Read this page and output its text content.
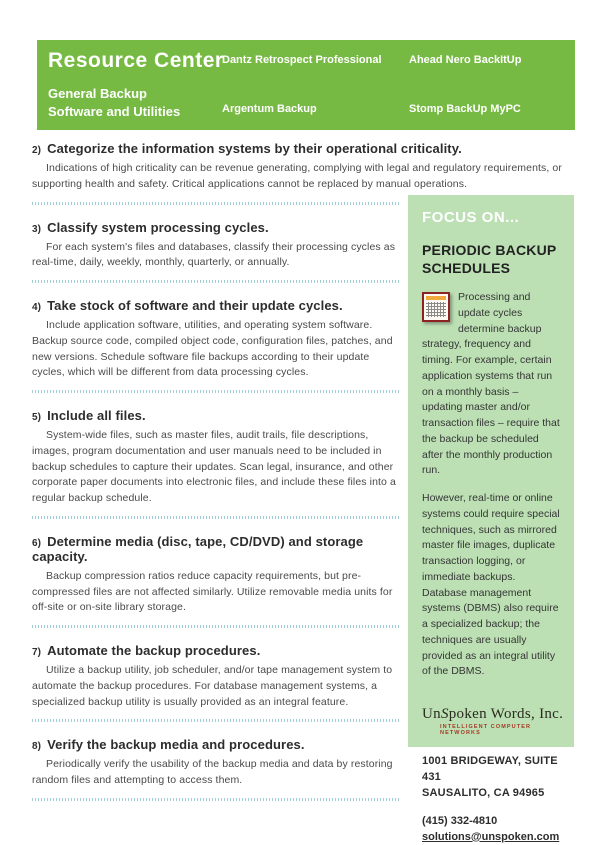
Resource Center
General Backup Software and Utilities
Dantz Retrospect Professional Ahead Nero BackItUp
Argentum Backup	Stomp BackUp MyPC
2) Categorize the information systems by their operational criticality.
Indications of high criticality can be revenue generating, complying with legal and regulatory requirements, or supporting health and safety. Critical applications cannot be replaced by manual operations.
3) Classify system processing cycles.
For each system's files and databases, classify their processing cycles as real-time, daily, weekly, monthly, quarterly, or annually.
4) Take stock of software and their update cycles.
Include application software, utilities, and operating system software. Backup source code, compiled object code, configuration files, patches, and new versions. Schedule software file backups according to their update cycles, which will be different from data processing cycles.
5) Include all files.
System-wide files, such as master files, audit trails, file descriptions, images, program documentation and user manuals need to be included in backup schedules to capture their updates. Scan legal, insurance, and other corporate paper documents into electronic files, and include these files into a regular backup schedule.
6) Determine media (disc, tape, CD/DVD) and storage capacity.
Backup compression ratios reduce capacity requirements, but pre-compressed files are not affected similarly. Utilize removable media units for off-site or on-site library storage.
7) Automate the backup procedures.
Utilize a backup utility, job scheduler, and/or tape management system to automate the backup procedures. For database management systems, a specialized backup utility is usually provided as an integral feature.
8) Verify the backup media and procedures.
Periodically verify the usability of the backup media and data by restoring random files and attempting to access them.
FOCUS ON...
PERIODIC BACKUP SCHEDULES
Processing and update cycles determine backup strategy, frequency and timing. For example, certain application systems that run on a monthly basis – updating master and/or transaction files – require that the backup be scheduled after the monthly production run.
However, real-time or online systems could require special techniques, such as mirrored master file images, duplicate transaction logging, or immediate backups. Database management systems (DBMS) also require a specialized backup; the techniques are usually provided as an integral utility of the DBMS.
UnSpoken Words, Inc.
INTELLIGENT COMPUTER NETWORKS
1001 BRIDGEWAY, SUITE 431
SAUSALITO, CA 94965
(415) 332-4810
solutions@unspoken.com
